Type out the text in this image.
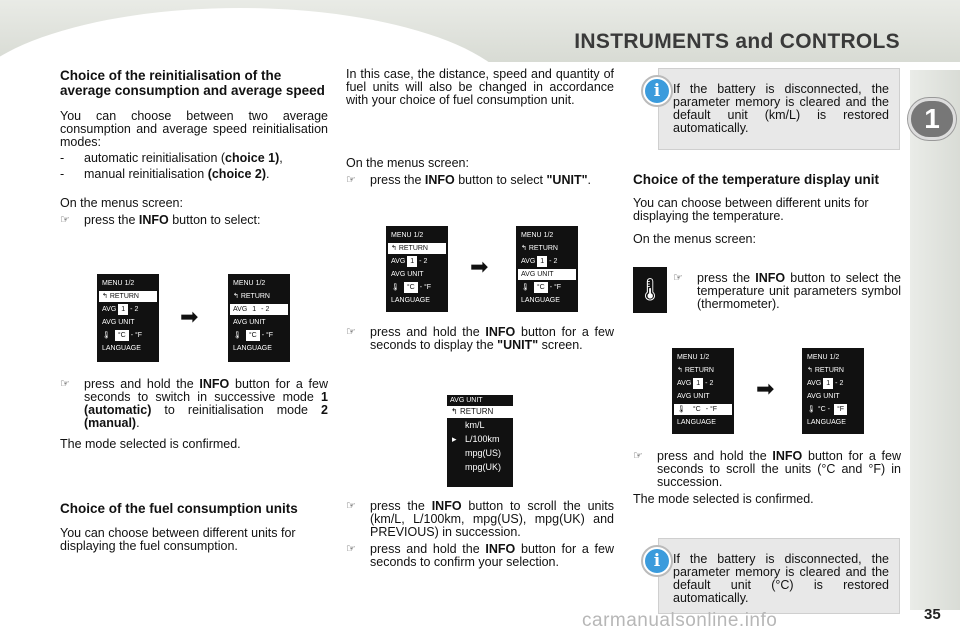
INSTRUMENTS and CONTROLS
1
Choice of the reinitialisation of the average consumption and average speed

You can choose between two average consumption and average speed reinitialisation modes:

- automatic reinitialisation (choice 1),
- manual reinitialisation (choice 2).

On the menus screen:

☞ press the INFO button to select:
☞ press and hold the INFO button for a few seconds to switch in successive mode 1 (automatic) to reinitialisation mode 2 (manual).

The mode selected is confirmed.

Choice of the fuel consumption units

You can choose between different units for displaying the fuel consumption.

MENU 1/2
↰ RETURN
AVG 1 - 2
AVG UNIT
🌡 °C - °F
LANGUAGE
➡
MENU 1/2
↰ RETURN
AVG 1 - 2
AVG UNIT
🌡 °C - °F
LANGUAGE

In this case, the distance, speed and quantity of fuel units will also be changed in accordance with your choice of fuel consumption unit.

On the menus screen:

☞ press the INFO button to select "UNIT".
MENU 1/2
↰ RETURN
AVG 1 - 2
AVG UNIT
🌡 °C - °F
LANGUAGE
➡
MENU 1/2
↰ RETURN
AVG 1 - 2
AVG UNIT
🌡 °C - °F
LANGUAGE
☞ press and hold the INFO button for a few seconds to display the "UNIT" screen.
AVG UNIT
↰ RETURN
km/L
▸ L/100km
mpg(US)
mpg(UK)
☞ press the INFO button to scroll the units (km/L, L/100km, mpg(US), mpg(UK) and PREVIOUS) in succession.
☞ press and hold the INFO button for a few seconds to confirm your selection.
i	If the battery is disconnected, the parameter memory is cleared and the default unit (km/L) is restored automatically.
Choice of the temperature display unit

You can choose between different units for displaying the temperature.

On the menus screen:

🌡 ☞ press the INFO button to select the temperature unit parameters symbol (thermometer).
MENU 1/2
↰ RETURN
AVG 1 - 2
AVG UNIT
🌡 °C - °F
LANGUAGE
➡
MENU 1/2
↰ RETURN
AVG 1 - 2
AVG UNIT
🌡 °C - °F
LANGUAGE
☞ press and hold the INFO button for a few seconds to scroll the units (°C and °F) in succession.

The mode selected is confirmed.

i	If the battery is disconnected, the parameter memory is cleared and the default unit (°C) is restored automatically.
carmanualsonline.info	35
